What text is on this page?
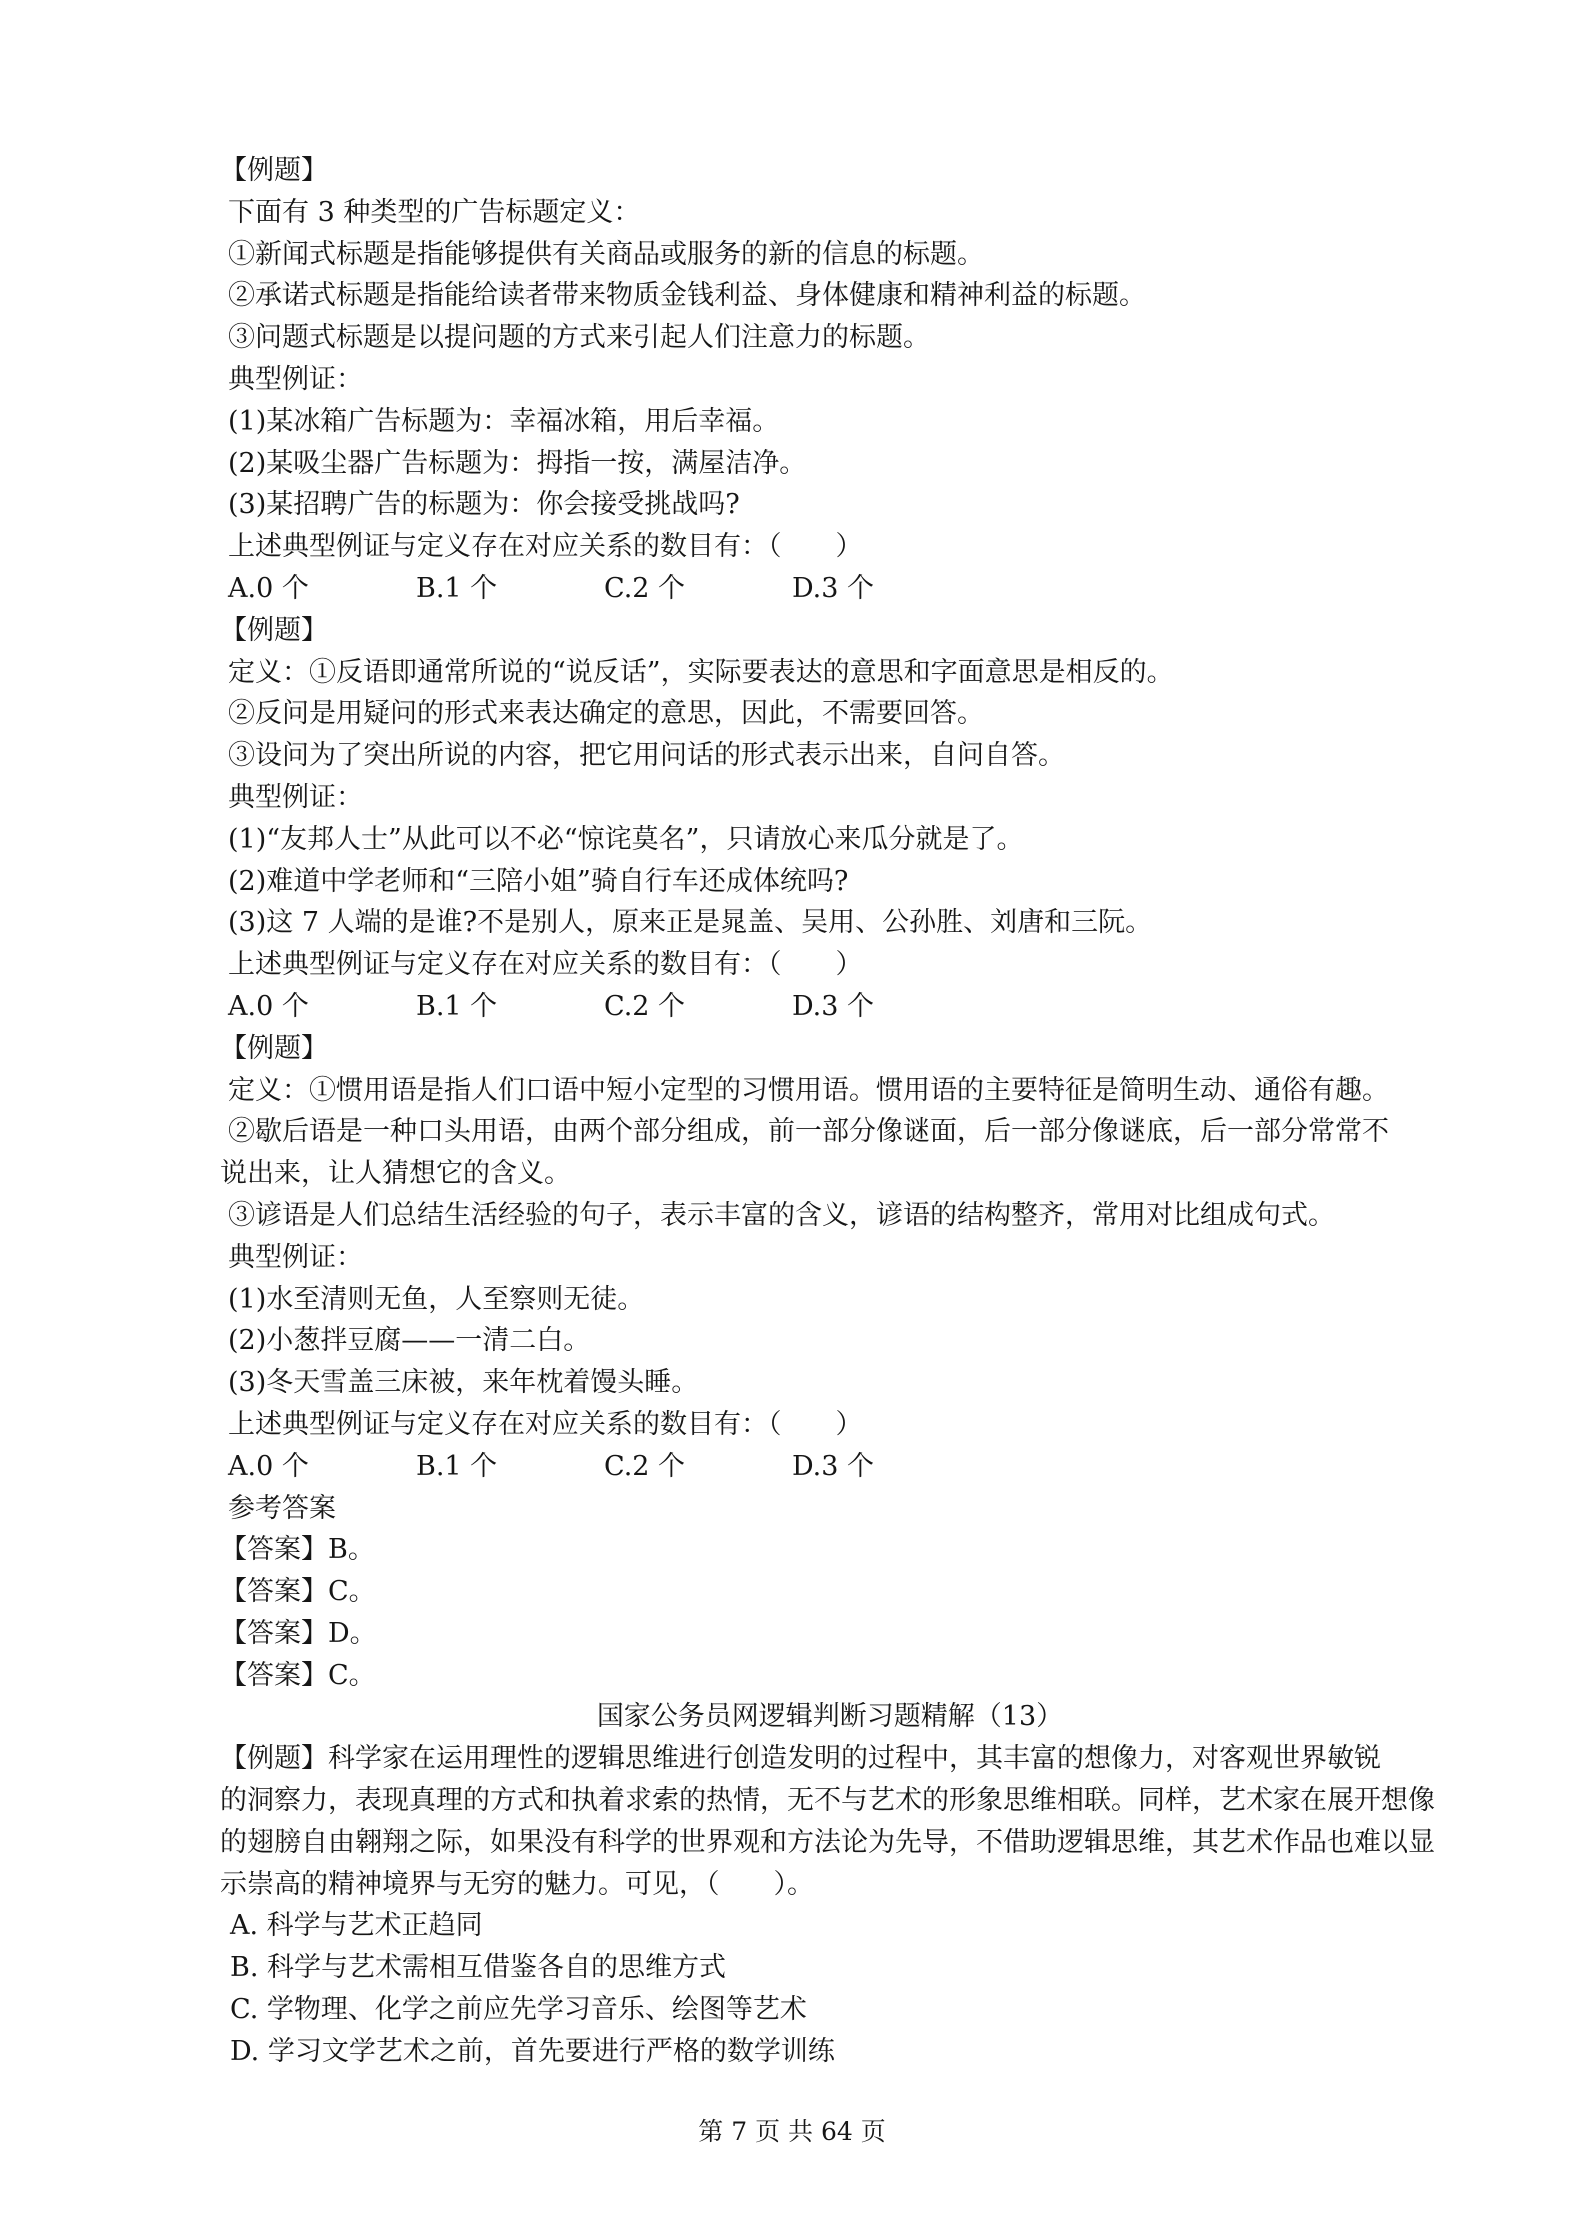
【例题】
下面有 3 种类型的广告标题定义：
①新闻式标题是指能够提供有关商品或服务的新的信息的标题。
②承诺式标题是指能给读者带来物质金钱利益、身体健康和精神利益的标题。
③问题式标题是以提问题的方式来引起人们注意力的标题。
典型例证：
(1)某冰箱广告标题为：幸福冰箱，用后幸福。
(2)某吸尘器广告标题为：拇指一按，满屋洁净。
(3)某招聘广告的标题为：你会接受挑战吗?
上述典型例证与定义存在对应关系的数目有：（　　）
A.0 个	B.1 个	C.2 个	D.3 个
【例题】
定义：①反语即通常所说的“说反话”，实际要表达的意思和字面意思是相反的。
②反问是用疑问的形式来表达确定的意思，因此，不需要回答。
③设问为了突出所说的内容，把它用问话的形式表示出来，自问自答。
典型例证：
(1)“友邦人士”从此可以不必“惊诧莫名”，只请放心来瓜分就是了。
(2)难道中学老师和“三陪小姐”骑自行车还成体统吗?
(3)这 7 人端的是谁?不是别人，原来正是晁盖、吴用、公孙胜、刘唐和三阮。
上述典型例证与定义存在对应关系的数目有：（　　）
A.0 个	B.1 个	C.2 个	D.3 个
【例题】
定义：①惯用语是指人们口语中短小定型的习惯用语。惯用语的主要特征是简明生动、通俗有趣。
②歇后语是一种口头用语，由两个部分组成，前一部分像谜面，后一部分像谜底，后一部分常常不
说出来，让人猜想它的含义。
③谚语是人们总结生活经验的句子，表示丰富的含义，谚语的结构整齐，常用对比组成句式。
典型例证：
(1)水至清则无鱼，人至察则无徒。
(2)小葱拌豆腐——一清二白。
(3)冬天雪盖三床被，来年枕着馒头睡。
上述典型例证与定义存在对应关系的数目有：（　　）
A.0 个	B.1 个	C.2 个	D.3 个
参考答案
【答案】B。
【答案】C。
【答案】D。
【答案】C。
国家公务员网逻辑判断习题精解（13）
【例题】科学家在运用理性的逻辑思维进行创造发明的过程中，其丰富的想像力，对客观世界敏锐
的洞察力，表现真理的方式和执着求索的热情，无不与艺术的形象思维相联。同样，艺术家在展开想像
的翅膀自由翱翔之际，如果没有科学的世界观和方法论为先导，不借助逻辑思维，其艺术作品也难以显
示崇高的精神境界与无穷的魅力。可见，（　　）。
A. 科学与艺术正趋同
B. 科学与艺术需相互借鉴各自的思维方式
C. 学物理、化学之前应先学习音乐、绘图等艺术
D. 学习文学艺术之前，首先要进行严格的数学训练
第 7 页 共 64 页
